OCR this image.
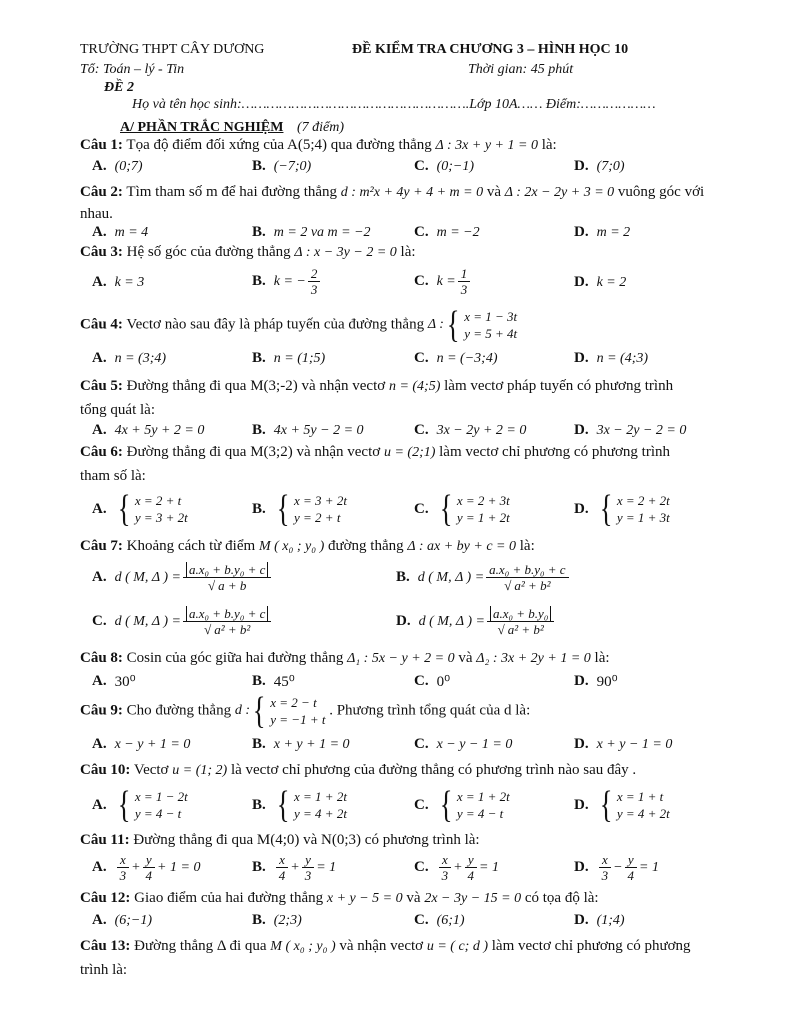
TRƯỜNG THPT CÂY DƯƠNG	ĐỀ KIỂM TRA CHƯƠNG 3 – HÌNH HỌC 10
Tổ: Toán – lý - Tin	Thời gian: 45 phút
ĐỀ 2
Họ và tên học sinh:……………………………………………….Lớp 10A…… Điểm:………………
A/ PHẦN TRẮC NGHIỆM (7 điểm)
Câu 1: Tọa độ điểm đối xứng của A(5;4) qua đường thẳng Δ : 3x + y + 1 = 0 là:
A. (0;7)	B. (−7;0)	C. (0;−1)	D. (7;0)
Câu 2: Tìm tham số m để hai đường thẳng d : m²x + 4y + 4 + m = 0 và Δ : 2x − 2y + 3 = 0 vuông góc với
nhau.
A. m = 4	B. m = 2 va m = −2	C. m = −2	D. m = 2
Câu 3: Hệ số góc của đường thẳng Δ : x − 3y − 2 = 0 là:
A. k = 3	B. k = − $\frac{2}{3}$	C. $k = \frac{1}{3}$	D. k = 2
Câu 4: Vectơ nào sau đây là pháp tuyến của đường thẳng Δ : { x = 1 − 3t
y = 5 + 4t
A. n = (3;4)	B. n = (1;5)	C. n = (−3;4)	D. n = (4;3)
Câu 5: Đường thẳng đi qua M(3;-2) và nhận vectơ n = (4;5) làm vectơ pháp tuyến có phương trình
tổng quát là:
A. 4x + 5y + 2 = 0	B. 4x + 5y − 2 = 0	C. 3x − 2y + 2 = 0	D. 3x − 2y − 2 = 0
Câu 6: Đường thẳng đi qua M(3;2) và nhận vectơ u = (2;1) làm vectơ chỉ phương có phương trình
tham số là:
A. { x = 2 + t
y = 3 + 2t
B. { x = 3 + 2t
y = 2 + t
C. { x = 2 + 3t
y = 1 + 2t
D. { x = 2 + 2t
y = 1 + 3t
Câu 7: Khoảng cách từ điểm M ( x₀ ; y₀ ) đường thẳng Δ : ax + by + c = 0 là:
A. d ( M, Δ ) = $\frac{\text{a.x₀ + b.y₀ + c}}{√ a + b}$	B. d ( M, Δ ) = $\frac{\text{a.x₀ + b.y₀ + c}}{\text{√ a² + b²}}$
C. d ( M, Δ ) = $\frac{\text{a.x₀ + b.y₀ + c}}{\text{√ a² + b²}}$	D. d ( M, Δ ) = $\frac{\text{a.x₀ + b.y₀}}{\text{√ a² + b²}}$
Câu 8: Cosin của góc giữa hai đường thẳng Δ₁ : 5x − y + 2 = 0 và Δ₂ : 3x + 2y + 1 = 0 là:
A. 30⁰	B. 45⁰	C. 0⁰	D. 90⁰
Câu 9: Cho đường thẳng d : { x = 2 − t
y = −1 + t
. Phương trình tổng quát của d là:
A. x − y + 1 = 0	B. x + y + 1 = 0	C. x − y − 1 = 0	D. x + y − 1 = 0
Câu 10: Vectơ u = (1; 2) là vectơ chỉ phương của đường thẳng có phương trình nào sau đây .
A. { x = 1 − 2t
y = 4 − t
B. { x = 1 + 2t
y = 4 + 2t
C. { x = 1 + 2t
y = 4 − t
D. { x = 1 + t
y = 4 + 2t
Câu 11: Đường thẳng đi qua M(4;0) và N(0;3) có phương trình là:
A. $\frac{x}{3} + \frac{y}{4} + 1 = 0$	B. $\frac{x}{4} + \frac{y}{3} = 1$	C. $\frac{x}{3} + \frac{y}{4} = 1$	D. $\frac{x}{3} - \frac{y}{4} = 1$
Câu 12: Giao điểm của hai đường thẳng x + y − 5 = 0 và 2x − 3y − 15 = 0 có tọa độ là:
A. (6;−1)	B. (2;3)	C. (6;1)	D. (1;4)
Câu 13: Đường thẳng Δ đi qua M ( x₀ ; y₀ ) và nhận vectơ u = ( c; d ) làm vectơ chỉ phương có phương
trình là:
